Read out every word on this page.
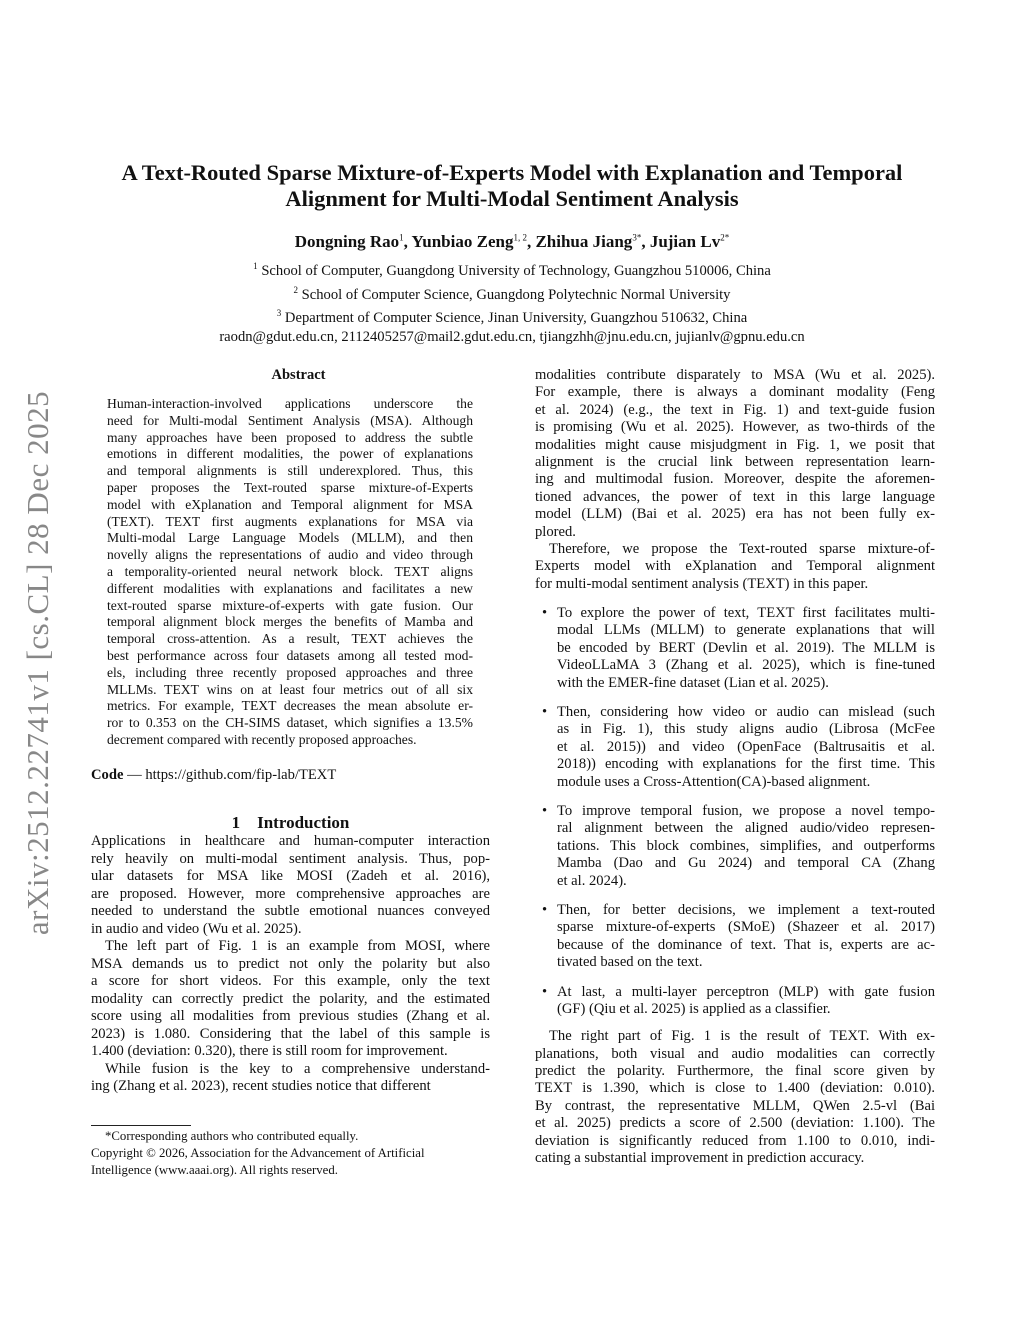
arXiv:2512.22741v1 [cs.CL] 28 Dec 2025
A Text-Routed Sparse Mixture-of-Experts Model with Explanation and Temporal
Alignment for Multi-Modal Sentiment Analysis
Dongning Rao$^1$, Yunbiao Zeng$^{1, 2}$, Zhihua Jiang$^{3*}$, Jujian $Lv^{2*}$
$^1$ School of Computer, Guangdong University of Technology, Guangzhou 510006, China
$^2$ School of Computer Science, Guangdong Polytechnic Normal University
$^3$ Department of Computer Science, Jinan University, Guangzhou 510632, China
raodn@gdut.edu.cn, 2112405257@mail2.gdut.edu.cn, tjiangzhh@jnu.edu.cn, jujianlv@gpnu.edu.cn
Abstract
Human-interaction-involved applications underscore the
need for Multi-modal Sentiment Analysis (MSA). Although
many approaches have been proposed to address the subtle
emotions in different modalities, the power of explanations
and temporal alignments is still underexplored. Thus, this
paper proposes the Text-routed sparse mixture-of-Experts
model with eXplanation and Temporal alignment for MSA
(TEXT). TEXT first augments explanations for MSA via
Multi-modal Large Language Models (MLLM), and then
novelly aligns the representations of audio and video through
a temporality-oriented neural network block. TEXT aligns
different modalities with explanations and facilitates a new
text-routed sparse mixture-of-experts with gate fusion. Our
temporal alignment block merges the benefits of Mamba and
temporal cross-attention. As a result, TEXT achieves the
best performance across four datasets among all tested mod-
els, including three recently proposed approaches and three
MLLMs. TEXT wins on at least four metrics out of all six
metrics. For example, TEXT decreases the mean absolute er-
ror to 0.353 on the CH-SIMS dataset, which signifies a 13.5%
decrement compared with recently proposed approaches.
Code — https://github.com/fip-lab/TEXT
1 Introduction
Applications in healthcare and human-computer interaction
rely heavily on multi-modal sentiment analysis. Thus, pop-
ular datasets for MSA like MOSI (Zadeh et al. 2016),
are proposed. However, more comprehensive approaches are
needed to understand the subtle emotional nuances conveyed
in audio and video (Wu et al. 2025).
The left part of Fig. 1 is an example from MOSI, where
MSA demands us to predict not only the polarity but also
a score for short videos. For this example, only the text
modality can correctly predict the polarity, and the estimated
score using all modalities from previous studies (Zhang et al.
2023) is 1.080. Considering that the label of this sample is
1.400 (deviation: 0.320), there is still room for improvement.
While fusion is the key to a comprehensive understand-
ing (Zhang et al. 2023), recent studies notice that different
*Corresponding authors who contributed equally.
Copyright © 2026, Association for the Advancement of Artificial
Intelligence (www.aaai.org). All rights reserved.
modalities contribute disparately to MSA (Wu et al. 2025).
For example, there is always a dominant modality (Feng
et al. 2024) (e.g., the text in Fig. 1) and text-guide fusion
is promising (Wu et al. 2025). However, as two-thirds of the
modalities might cause misjudgment in Fig. 1, we posit that
alignment is the crucial link between representation learn-
ing and multimodal fusion. Moreover, despite the aforemen-
tioned advances, the power of text in this large language
model (LLM) (Bai et al. 2025) era has not been fully ex-
plored.
Therefore, we propose the Text-routed sparse mixture-of-
Experts model with eXplanation and Temporal alignment
for multi-modal sentiment analysis (TEXT) in this paper.
• To explore the power of text, TEXT first facilitates multi-
modal LLMs (MLLM) to generate explanations that will
be encoded by BERT (Devlin et al. 2019). The MLLM is
VideoLLaMA 3 (Zhang et al. 2025), which is fine-tuned
with the EMER-fine dataset (Lian et al. 2025).
• Then, considering how video or audio can mislead (such
as in Fig. 1), this study aligns audio (Librosa (McFee
et al. 2015)) and video (OpenFace (Baltrusaitis et al.
2018)) encoding with explanations for the first time. This
module uses a Cross-Attention(CA)-based alignment.
• To improve temporal fusion, we propose a novel tempo-
ral alignment between the aligned audio/video represen-
tations. This block combines, simplifies, and outperforms
Mamba (Dao and Gu 2024) and temporal CA (Zhang
et al. 2024).
• Then, for better decisions, we implement a text-routed
sparse mixture-of-experts (SMoE) (Shazeer et al. 2017)
because of the dominance of text. That is, experts are ac-
tivated based on the text.
• At last, a multi-layer perceptron (MLP) with gate fusion
(GF) (Qiu et al. 2025) is applied as a classifier.
The right part of Fig. 1 is the result of TEXT. With ex-
planations, both visual and audio modalities can correctly
predict the polarity. Furthermore, the final score given by
TEXT is 1.390, which is close to 1.400 (deviation: 0.010).
By contrast, the representative MLLM, QWen 2.5-vl (Bai
et al. 2025) predicts a score of 2.500 (deviation: 1.100). The
deviation is significantly reduced from 1.100 to 0.010, indi-
cating a substantial improvement in prediction accuracy.
